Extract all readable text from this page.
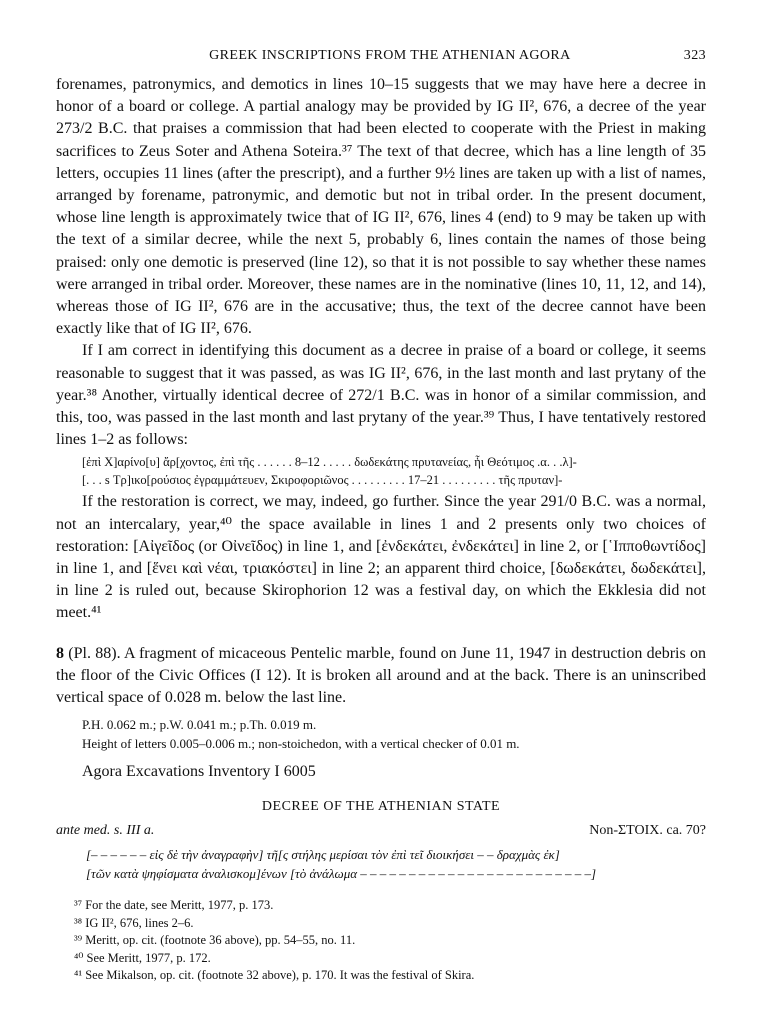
GREEK INSCRIPTIONS FROM THE ATHENIAN AGORA	323

forenames, patronymics, and demotics in lines 10–15 suggests that we may have here a decree in honor of a board or college. A partial analogy may be provided by IG II², 676, a decree of the year 273/2 B.C. that praises a commission that had been elected to cooperate with the Priest in making sacrifices to Zeus Soter and Athena Soteira.³⁷ The text of that decree, which has a line length of 35 letters, occupies 11 lines (after the prescript), and a further 9½ lines are taken up with a list of names, arranged by forename, patronymic, and demotic but not in tribal order. In the present document, whose line length is approximately twice that of IG II², 676, lines 4 (end) to 9 may be taken up with the text of a similar decree, while the next 5, probably 6, lines contain the names of those being praised: only one demotic is preserved (line 12), so that it is not possible to say whether these names were arranged in tribal order. Moreover, these names are in the nominative (lines 10, 11, 12, and 14), whereas those of IG II², 676 are in the accusative; thus, the text of the decree cannot have been exactly like that of IG II², 676.

If I am correct in identifying this document as a decree in praise of a board or college, it seems reasonable to suggest that it was passed, as was IG II², 676, in the last month and last prytany of the year.³⁸ Another, virtually identical decree of 272/1 B.C. was in honor of a similar commission, and this, too, was passed in the last month and last prytany of the year.³⁹ Thus, I have tentatively restored lines 1–2 as follows:

[ἐπὶ Χ]αρίνο[υ] ἄρ[χοντος, ἐπὶ τῆς . . . . . . 8–12 . . . . . δωδεκάτης πρυτανείας, ἧι Θεότιμος .α. . .λ]-
[. . . s Τρ]ικο[ρούσιος ἐγραμμάτευεν, Σκιροφοριῶνος . . . . . . . . . 17–21 . . . . . . . . . τῆς πρυταν]-

If the restoration is correct, we may, indeed, go further. Since the year 291/0 B.C. was a normal, not an intercalary, year,⁴⁰ the space available in lines 1 and 2 presents only two choices of restoration: [Αἰγεῖδος (or Οἰνεῖδος) in line 1, and [ἐνδεκάτει, ἐνδεκάτει] in line 2, or [῾Ιπποθωντίδος] in line 1, and [ἕνει καὶ νέαι, τριακόστει] in line 2; an apparent third choice, [δωδεκάτει, δωδεκάτει], in line 2 is ruled out, because Skirophorion 12 was a festival day, on which the Ekklesia did not meet.⁴¹

8 (Pl. 88). A fragment of micaceous Pentelic marble, found on June 11, 1947 in destruction debris on the floor of the Civic Offices (I 12). It is broken all around and at the back. There is an uninscribed vertical space of 0.028 m. below the last line.

P.H. 0.062 m.; p.W. 0.041 m.; p.Th. 0.019 m.
Height of letters 0.005–0.006 m.; non-stoichedon, with a vertical checker of 0.01 m.
Agora Excavations Inventory I 6005
DECREE OF THE ATHENIAN STATE
ante med. s. III a.	Non-ΣΤΟΙΧ. ca. 70?
[– – – – – – εἰς δὲ τὴν ἀναγραφὴν] τῆ[ς στήλης μερίσαι τὸν ἐπὶ τεῖ διοικήσει – – δραχμὰς ἐκ]
[τῶν κατὰ ψηφίσματα ἀναλισκομ]ένων [τὸ ἀνάλωμα – – – – – – – – – – – – – – – – – – – – – – – –]
³⁷ For the date, see Meritt, 1977, p. 173.
³⁸ IG II², 676, lines 2–6.
³⁹ Meritt, op. cit. (footnote 36 above), pp. 54–55, no. 11.
⁴⁰ See Meritt, 1977, p. 172.
⁴¹ See Mikalson, op. cit. (footnote 32 above), p. 170. It was the festival of Skira.
